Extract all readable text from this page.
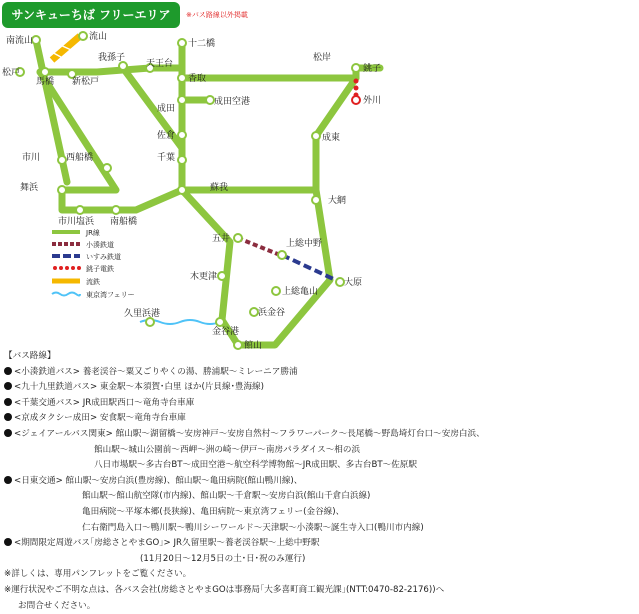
サンキューちば フリーエリア	※バス路線以外掲載
南流山	流山
松戸
馬橋 新松戸
我孫子
天王台
十二橋
香取
松岸
銚子
外川
成田
成田空港
佐倉	成東
市川	西船橋	千葉
舞浜	蘇我
市川塩浜 南船橋
大網
五井	上総中野
大原
木更津
上総亀山
浜金谷
久里浜港
金谷港
館山
JR線
小湊鉄道
いすみ鉄道
銚子電鉄
流鉄
東京湾フェリー
【バス路線】
<小湊鉄道バス> 養老渓谷～粟又ごりやくの湯、勝浦駅～ミレーニア勝浦
<九十九里鉄道バス> 東金駅～本須賀･白里 ほか(片貝線･豊海線)
<千葉交通バス> JR成田駅西口～竜角寺台車庫
<京成タクシー成田> 安食駅～竜角寺台車庫
<ジェイアールバス関東> 館山駅～湖留橋～安房神戸～安房自然村～フラワーパーク～長尾橋～野島埼灯台口～安房白浜、
館山駅～城山公園前～西岬～洲の崎～伊戸～南房パラダイス～相の浜
八日市場駅～多古台BT～成田空港～航空科学博物館～JR成田駅、多古台BT～佐原駅
<日東交通> 館山駅～安房白浜(豊房線)、館山駅～亀田病院(館山鴨川線)、
館山駅～館山航空隊(市内線)、館山駅～千倉駅～安房白浜(館山千倉白浜線)
亀田病院～平塚本郷(長狭線)、亀田病院～東京湾フェリー(金谷線)、
仁右衛門島入口～鴨川駅～鴨川シーワールド～天津駅～小湊駅～誕生寺入口(鴨川市内線)
<期間限定周遊バス｢房総さとやまGO｣> JR久留里駅～養老渓谷駅～上総中野駅
(11月20日～12月5日の土･日･祝のみ運行)
※詳しくは、専用パンフレットをご覧ください。
※運行状況やご不明な点は、各バス会社(房総さとやまGOは事務局｢大多喜町商工観光課｣(NTT:0470-82-2176))へ
お問合せください。
